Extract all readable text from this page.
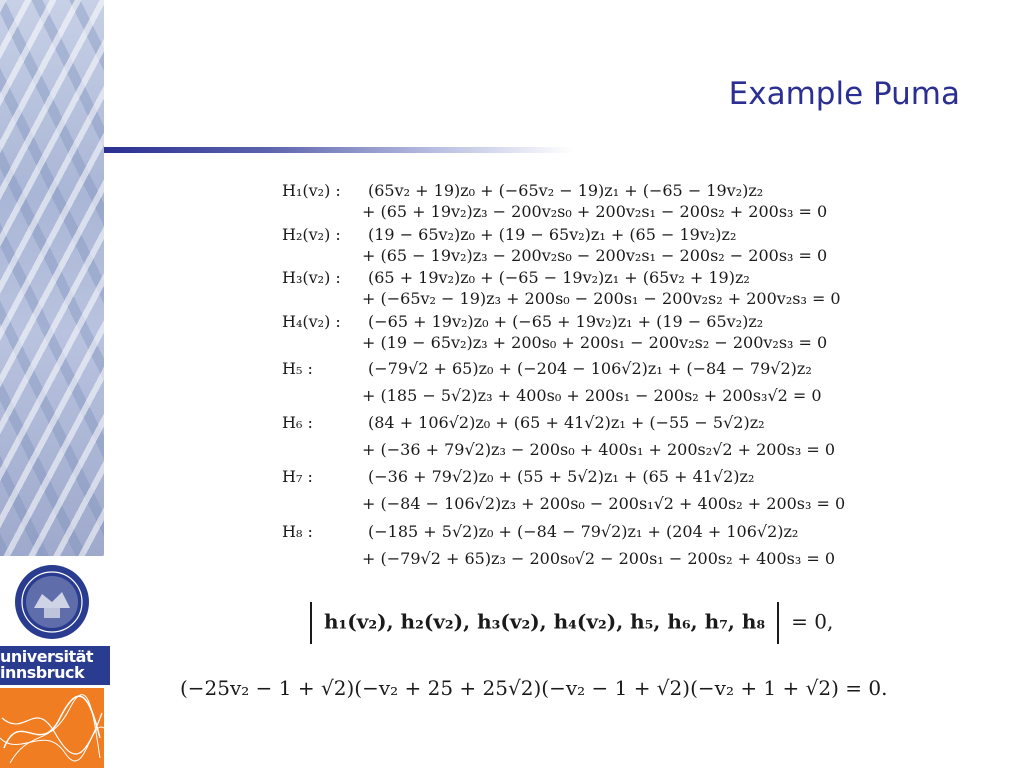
universität
innsbruck
Example Puma
H₁(v₂) : (65v₂ + 19)z₀ + (−65v₂ − 19)z₁ + (−65 − 19v₂)z₂
+ (65 + 19v₂)z₃ − 200v₂s₀ + 200v₂s₁ − 200s₂ + 200s₃ = 0
H₂(v₂) : (19 − 65v₂)z₀ + (19 − 65v₂)z₁ + (65 − 19v₂)z₂
+ (65 − 19v₂)z₃ − 200v₂s₀ − 200v₂s₁ − 200s₂ − 200s₃ = 0
H₃(v₂) : (65 + 19v₂)z₀ + (−65 − 19v₂)z₁ + (65v₂ + 19)z₂
+ (−65v₂ − 19)z₃ + 200s₀ − 200s₁ − 200v₂s₂ + 200v₂s₃ = 0
H₄(v₂) : (−65 + 19v₂)z₀ + (−65 + 19v₂)z₁ + (19 − 65v₂)z₂
+ (19 − 65v₂)z₃ + 200s₀ + 200s₁ − 200v₂s₂ − 200v₂s₃ = 0
H₅ :	(−79√2 + 65)z₀ + (−204 − 106√2)z₁ + (−84 − 79√2)z₂
+ (185 − 5√2)z₃ + 400s₀ + 200s₁ − 200s₂ + 200s₃√2 = 0
H₆ :	(84 + 106√2)z₀ + (65 + 41√2)z₁ + (−55 − 5√2)z₂
+ (−36 + 79√2)z₃ − 200s₀ + 400s₁ + 200s₂√2 + 200s₃ = 0
H₇ :	(−36 + 79√2)z₀ + (55 + 5√2)z₁ + (65 + 41√2)z₂
+ (−84 − 106√2)z₃ + 200s₀ − 200s₁√2 + 400s₂ + 200s₃ = 0
H₈ :	(−185 + 5√2)z₀ + (−84 − 79√2)z₁ + (204 + 106√2)z₂
+ (−79√2 + 65)z₃ − 200s₀√2 − 200s₁ − 200s₂ + 400s₃ = 0
h₁(v₂), h₂(v₂), h₃(v₂), h₄(v₂), h₅, h₆, h₇, h₈ = 0,
(−25v₂ − 1 + √2)(−v₂ + 25 + 25√2)(−v₂ − 1 + √2)(−v₂ + 1 + √2) = 0.
